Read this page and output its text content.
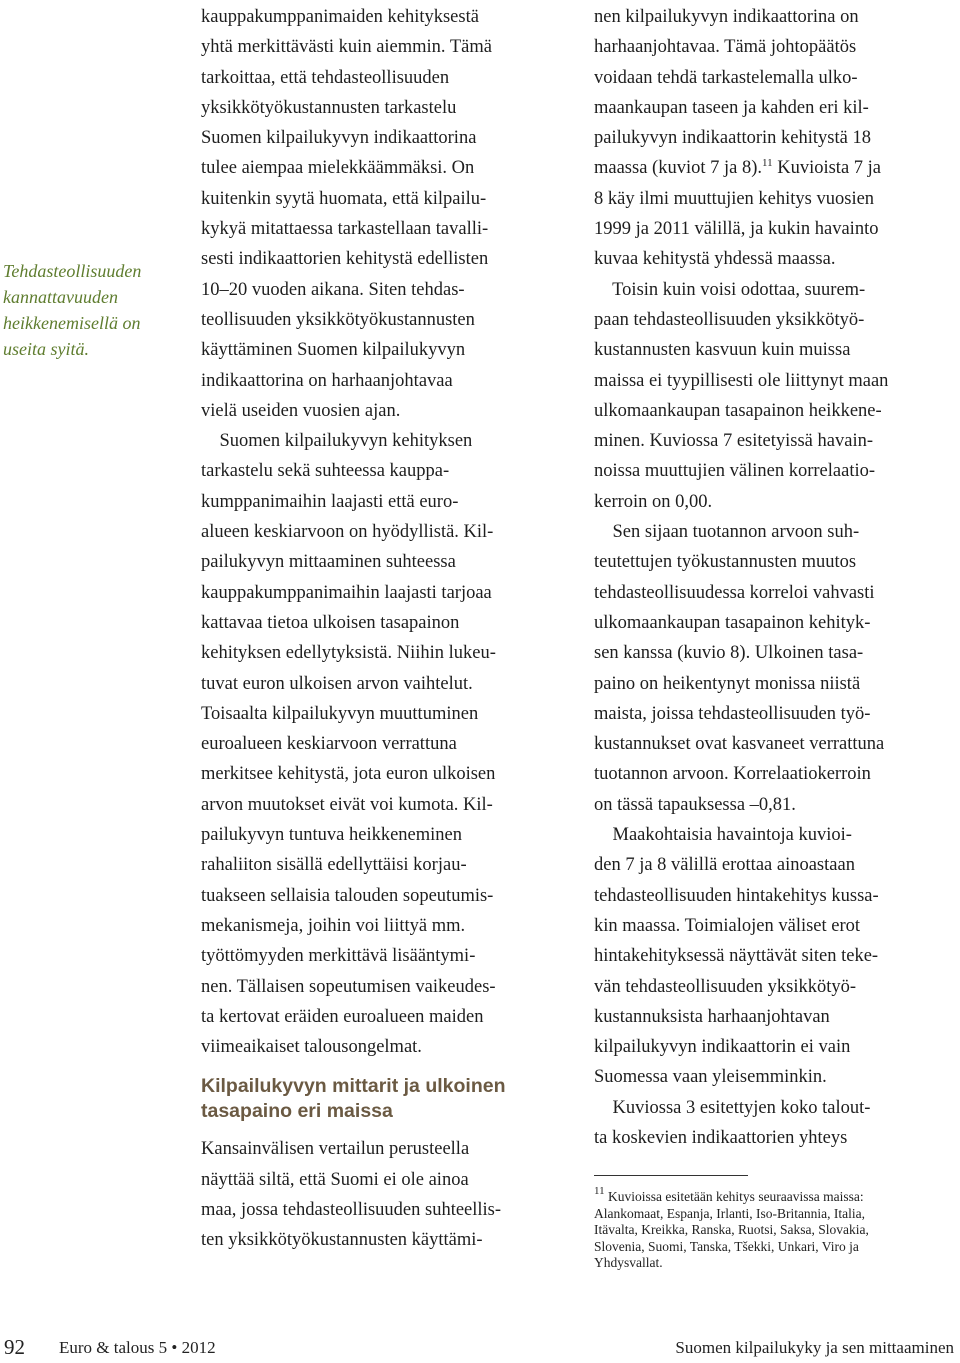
Tehdasteollisuuden
kannattavuuden
heikkenemisellä on
useita syitä.
kauppakumppanimaiden kehityksestä
yhtä merkittävästi kuin aiemmin. Tämä
tarkoittaa, että tehdasteollisuuden
yksikkötyökustannusten tarkastelu
Suomen kilpailukyvyn indikaattorina
tulee aiempaa mielekkäämmäksi. On
kuitenkin syytä huomata, että kilpailu-
kykyä mitattaessa tarkastellaan tavalli-
sesti indikaattorien kehitystä edellisten
10–20 vuoden aikana. Siten tehdas-
teollisuuden yksikkötyökustannusten
käyttäminen Suomen kilpailukyvyn
indikaattorina on harhaanjohtavaa
vielä useiden vuosien ajan.
Suomen kilpailukyvyn kehityksen
tarkastelu sekä suhteessa kauppa-
kumppanimaihin laajasti että euro-
alueen keskiarvoon on hyödyllistä. Kil-
pailukyvyn mittaaminen suhteessa
kauppakumppanimaihin laajasti tarjoaa
kattavaa tietoa ulkoisen tasapainon
kehityksen edellytyksistä. Niihin lukeu-
tuvat euron ulkoisen arvon vaihtelut.
Toisaalta kilpailukyvyn muuttuminen
euroalueen keskiarvoon verrattuna
merkitsee kehitystä, jota euron ulkoisen
arvon muutokset eivät voi kumota. Kil-
pailukyvyn tuntuva heikkeneminen
rahaliiton sisällä edellyttäisi korjau-
tuakseen sellaisia talouden sopeutumis-
mekanismeja, joihin voi liittyä mm.
työttömyyden merkittävä lisääntymi-
nen. Tällaisen sopeutumisen vaikeudes-
ta kertovat eräiden euroalueen maiden
viimeaikaiset talousongelmat.
Kilpailukyvyn mittarit ja ulkoinen
tasapaino eri maissa
Kansainvälisen vertailun perusteella
näyttää siltä, että Suomi ei ole ainoa
maa, jossa tehdasteollisuuden suhteellis-
ten yksikkötyökustannusten käyttämi-
nen kilpailukyvyn indikaattorina on
harhaanjohtavaa. Tämä johtopäätös
voidaan tehdä tarkastelemalla ulko-
maankaupan taseen ja kahden eri kil-
pailukyvyn indikaattorin kehitystä 18
maassa (kuviot 7 ja 8).$^{11}$ Kuvioista 7 ja
8 käy ilmi muuttujien kehitys vuosien
1999 ja 2011 välillä, ja kukin havainto
kuvaa kehitystä yhdessä maassa.
Toisin kuin voisi odottaa, suurem-
paan tehdasteollisuuden yksikkötyö-
kustannusten kasvuun kuin muissa
maissa ei tyypillisesti ole liittynyt maan
ulkomaankaupan tasapainon heikkene-
minen. Kuviossa 7 esitetyissä havain-
noissa muuttujien välinen korrelaatio-
kerroin on 0,00.
Sen sijaan tuotannon arvoon suh-
teutettujen työkustannusten muutos
tehdasteollisuudessa korreloi vahvasti
ulkomaankaupan tasapainon kehityk-
sen kanssa (kuvio 8). Ulkoinen tasa-
paino on heikentynyt monissa niistä
maista, joissa tehdasteollisuuden työ-
kustannukset ovat kasvaneet verrattuna
tuotannon arvoon. Korrelaatiokerroin
on tässä tapauksessa –0,81.
Maakohtaisia havaintoja kuvioi-
den 7 ja 8 välillä erottaa ainoastaan
tehdasteollisuuden hintakehitys kussa-
kin maassa. Toimialojen väliset erot
hintakehityksessä näyttävät siten teke-
vän tehdasteollisuuden yksikkötyö-
kustannuksista harhaanjohtavan
kilpailukyvyn indikaattorin ei vain
Suomessa vaan yleisemminkin.
Kuviossa 3 esitettyjen koko talout-
ta koskevien indikaattorien yhteys
$^{11}$ Kuvioissa esitetään kehitys seuraavissa maissa:
Alankomaat, Espanja, Irlanti, Iso-Britannia, Italia,
Itävalta, Kreikka, Ranska, Ruotsi, Saksa, Slovakia,
Slovenia, Suomi, Tanska, Tšekki, Unkari, Viro ja
Yhdysvallat.
92 Euro & talous 5 • 2012	Suomen kilpailukyky ja sen mittaaminen
